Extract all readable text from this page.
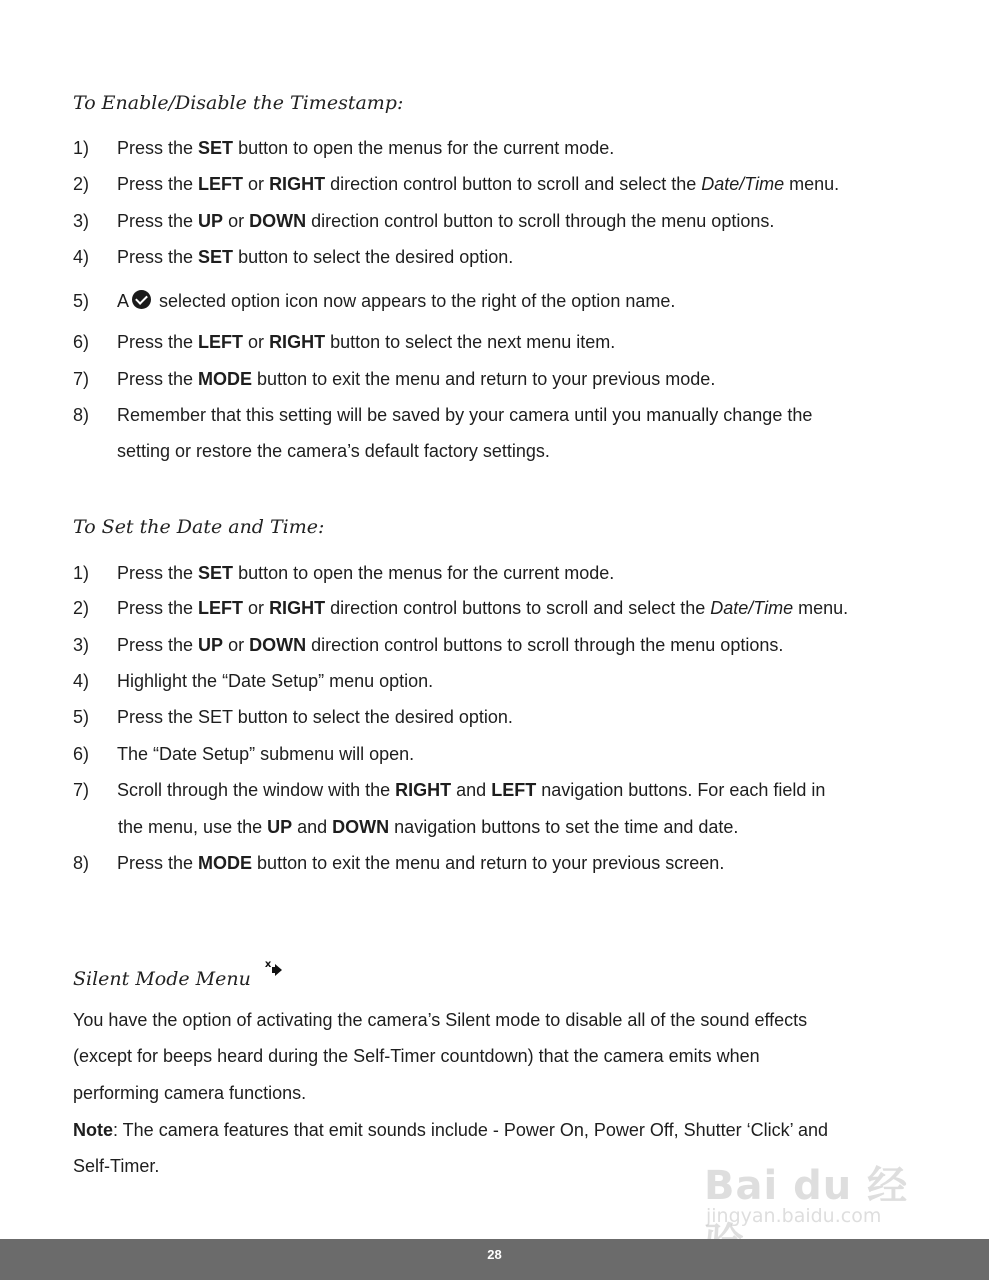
To Enable/Disable the Timestamp:
1) Press the SET button to open the menus for the current mode.
2) Press the LEFT or RIGHT direction control button to scroll and select the Date/Time menu.
3) Press the UP or DOWN direction control button to scroll through the menu options.
4) Press the SET button to select the desired option.
5) A selected option icon now appears to the right of the option name.
6) Press the LEFT or RIGHT button to select the next menu item.
7) Press the MODE button to exit the menu and return to your previous mode.
8) Remember that this setting will be saved by your camera until you manually change the
setting or restore the camera’s default factory settings.
To Set the Date and Time:
1) Press the SET button to open the menus for the current mode.
2) Press the LEFT or RIGHT direction control buttons to scroll and select the Date/Time menu.
3) Press the UP or DOWN direction control buttons to scroll through the menu options.
4) Highlight the “Date Setup” menu option.
5) Press the SET button to select the desired option.
6) The “Date Setup” submenu will open.
7) Scroll through the window with the RIGHT and LEFT navigation buttons. For each field in
the menu, use the UP and DOWN navigation buttons to set the time and date.
8) Press the MODE button to exit the menu and return to your previous screen.
Silent Mode Menu
x
You have the option of activating the camera’s Silent mode to disable all of the sound effects
(except for beeps heard during the Self-Timer countdown) that the camera emits when
performing camera functions.
Note: The camera features that emit sounds include - Power On, Power Off, Shutter ‘Click’ and
Self-Timer.	Bai du 经
jingyan.baidu.com
28
